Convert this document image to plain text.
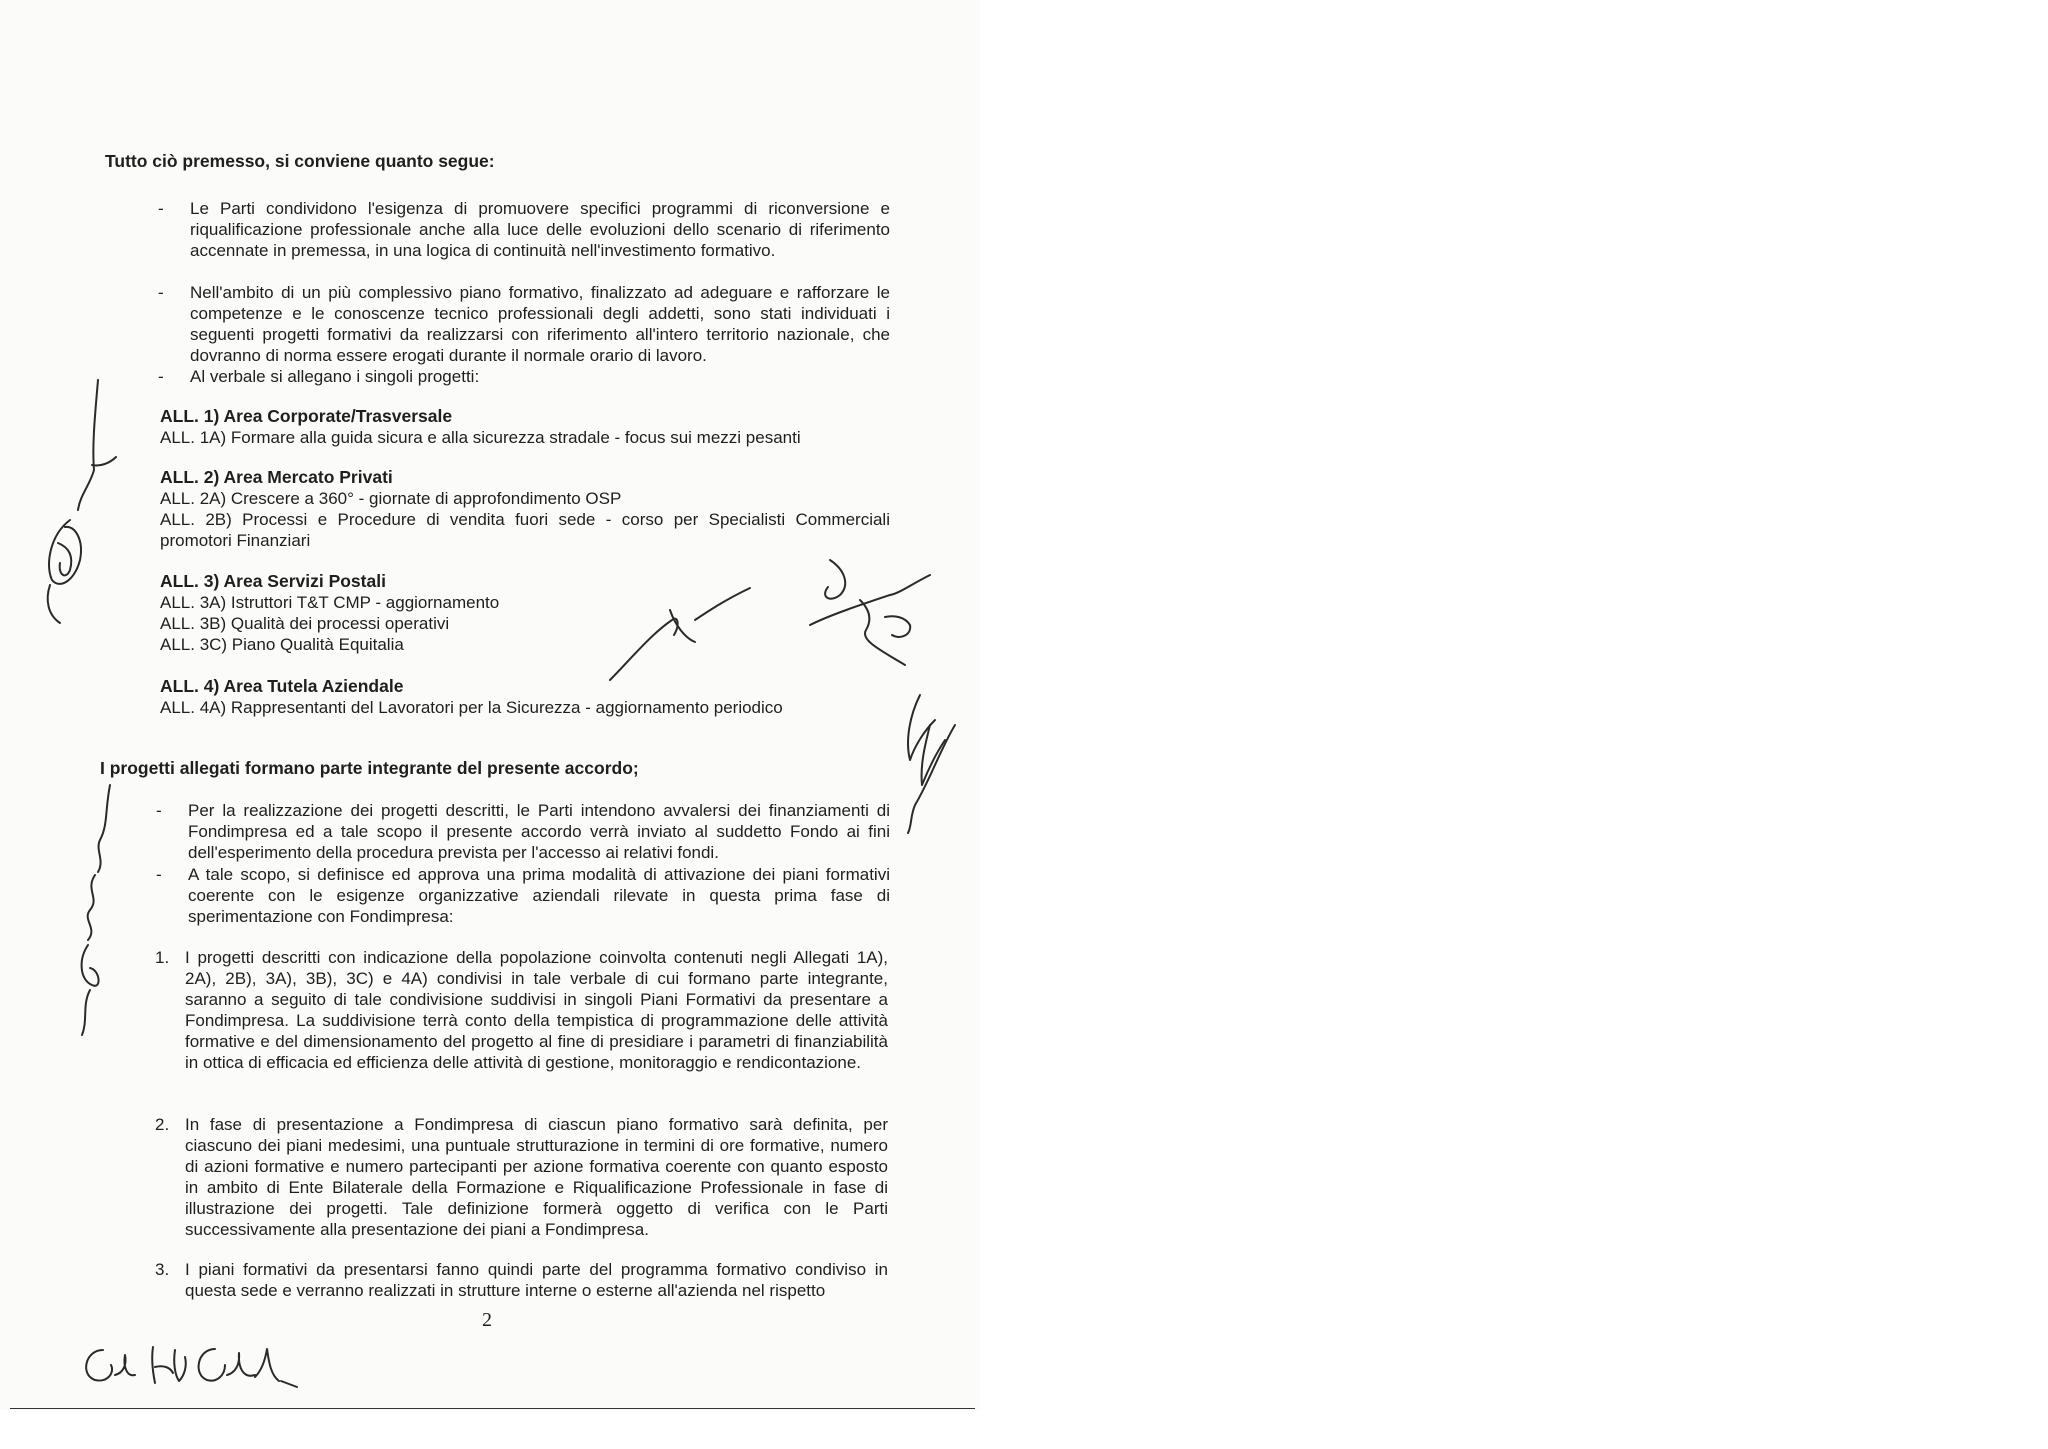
Tutto ciò premesso, si conviene quanto segue:
- Le Parti condividono l'esigenza di promuovere specifici programmi di riconversione e riqualificazione professionale anche alla luce delle evoluzioni dello scenario di riferimento accennate in premessa, in una logica di continuità nell'investimento formativo.
- Nell'ambito di un più complessivo piano formativo, finalizzato ad adeguare e rafforzare le competenze e le conoscenze tecnico professionali degli addetti, sono stati individuati i seguenti progetti formativi da realizzarsi con riferimento all'intero territorio nazionale, che dovranno di norma essere erogati durante il normale orario di lavoro.
- Al verbale si allegano i singoli progetti:
ALL. 1) Area Corporate/Trasversale
ALL. 1A) Formare alla guida sicura e alla sicurezza stradale - focus sui mezzi pesanti
ALL. 2) Area Mercato Privati
ALL. 2A) Crescere a 360° - giornate di approfondimento OSP
ALL. 2B) Processi e Procedure di vendita fuori sede - corso per Specialisti Commerciali promotori Finanziari
ALL. 3) Area Servizi Postali
ALL. 3A) Istruttori T&T CMP - aggiornamento
ALL. 3B) Qualità dei processi operativi
ALL. 3C) Piano Qualità Equitalia
ALL. 4) Area Tutela Aziendale
ALL. 4A) Rappresentanti del Lavoratori per la Sicurezza - aggiornamento periodico
I progetti allegati formano parte integrante del presente accordo;
- Per la realizzazione dei progetti descritti, le Parti intendono avvalersi dei finanziamenti di Fondimpresa ed a tale scopo il presente accordo verrà inviato al suddetto Fondo ai fini dell'esperimento della procedura prevista per l'accesso ai relativi fondi.
- A tale scopo, si definisce ed approva una prima modalità di attivazione dei piani formativi coerente con le esigenze organizzative aziendali rilevate in questa prima fase di sperimentazione con Fondimpresa:
1. I progetti descritti con indicazione della popolazione coinvolta contenuti negli Allegati 1A), 2A), 2B), 3A), 3B), 3C) e 4A) condivisi in tale verbale di cui formano parte integrante, saranno a seguito di tale condivisione suddivisi in singoli Piani Formativi da presentare a Fondimpresa. La suddivisione terrà conto della tempistica di programmazione delle attività formative e del dimensionamento del progetto al fine di presidiare i parametri di finanziabilità in ottica di efficacia ed efficienza delle attività di gestione, monitoraggio e rendicontazione.
2. In fase di presentazione a Fondimpresa di ciascun piano formativo sarà definita, per ciascuno dei piani medesimi, una puntuale strutturazione in termini di ore formative, numero di azioni formative e numero partecipanti per azione formativa coerente con quanto esposto in ambito di Ente Bilaterale della Formazione e Riqualificazione Professionale in fase di illustrazione dei progetti. Tale definizione formerà oggetto di verifica con le Parti successivamente alla presentazione dei piani a Fondimpresa.
3. I piani formativi da presentarsi fanno quindi parte del programma formativo condiviso in questa sede e verranno realizzati in strutture interne o esterne all'azienda nel rispetto
2
